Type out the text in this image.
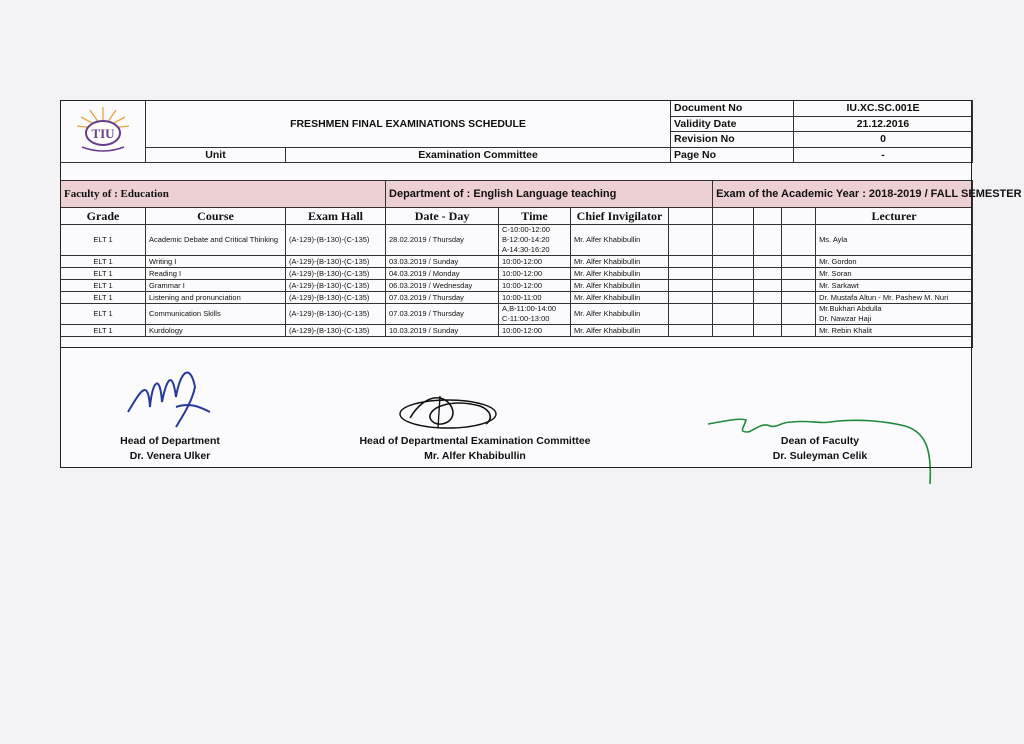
TIU	FRESHMEN FINAL EXAMINATIONS SCHEDULE		Document No	IU.XC.SC.001E
			Validity Date	21.12.2016
			Revision No	0
	Unit	Examination Committee	Page No	-
Faculty of : Education			Department of : English Language teaching				Exam of the Academic Year : 2018-2019 / FALL SEMESTER			
Grade	Course	Exam Hall	Date - Day	Time	Chief Invigilator					Lecturer
ELT 1	Academic Debate and Critical Thinking	(A-129)-(B-130)-(C-135)	28.02.2019 / Thursday	C-10:00-12:00
B-12:00-14:20
A-14:30-16:20	Mr. Alfer Khabibullin					Ms. Ayla
ELT 1	Writing I	(A-129)-(B-130)-(C-135)	03.03.2019 / Sunday	10:00-12:00	Mr. Alfer Khabibullin					Mr. Gordon
ELT 1	Reading I	(A-129)-(B-130)-(C-135)	04.03.2019 / Monday	10:00-12:00	Mr. Alfer Khabibullin					Mr. Soran
ELT 1	Grammar I	(A-129)-(B-130)-(C-135)	06.03.2019 / Wednesday	10:00-12:00	Mr. Alfer Khabibullin					Mr. Sarkawt
ELT 1	Listening and pronunciation	(A-129)-(B-130)-(C-135)	07.03.2019 / Thursday	10:00-11:00	Mr. Alfer Khabibullin					Dr. Mustafa Altun - Mr. Pashew M. Nuri
ELT 1	Communication Skills	(A-129)-(B-130)-(C-135)	07.03.2019 / Thursday	A,B-11:00-14:00
C-11:00-13:00	Mr. Alfer Khabibullin					Mr.Bukhari Abdulla
Dr. Nawzar Haji
ELT 1	Kurdology	(A-129)-(B-130)-(C-135)	10.03.2019 / Sunday	10:00-12:00	Mr. Alfer Khabibullin					Mr. Rebin Khalit

Head of Department
Dr. Venera Ulker
Head of Departmental Examination Committee
Mr. Alfer Khabibullin
Dean of Faculty
Dr. Suleyman Celik
